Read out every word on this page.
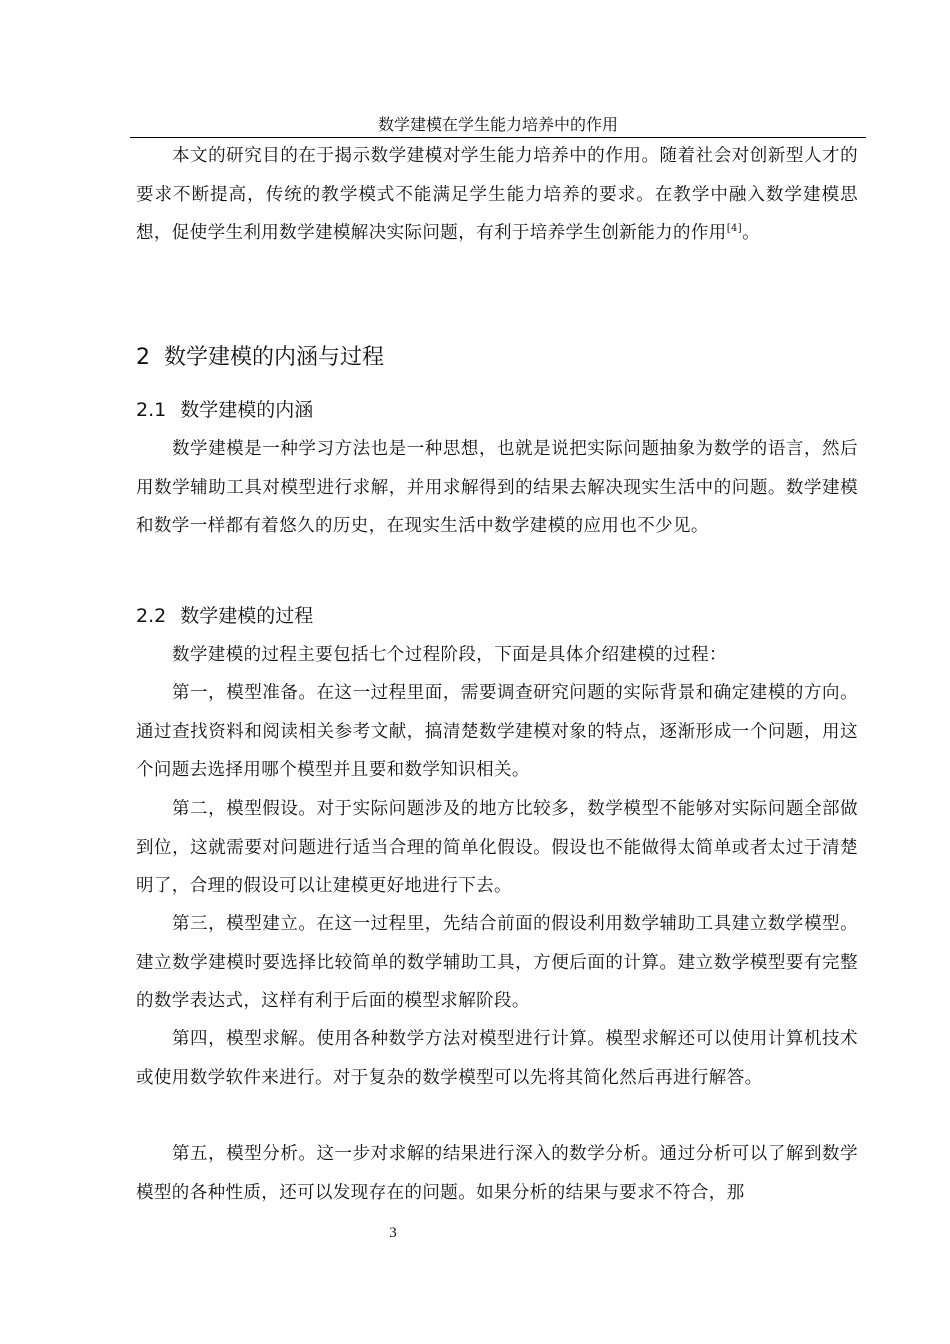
数学建模在学生能力培养中的作用
本文的研究目的在于揭示数学建模对学生能力培养中的作用。随着社会对创新型人才的要求不断提高，传统的教学模式不能满足学生能力培养的要求。在教学中融入数学建模思想，促使学生利用数学建模解决实际问题，有利于培养学生创新能力的作用[4]。
2 数学建模的内涵与过程
2.1 数学建模的内涵
数学建模是一种学习方法也是一种思想，也就是说把实际问题抽象为数学的语言，然后用数学辅助工具对模型进行求解，并用求解得到的结果去解决现实生活中的问题。数学建模和数学一样都有着悠久的历史，在现实生活中数学建模的应用也不少见。
2.2 数学建模的过程
数学建模的过程主要包括七个过程阶段，下面是具体介绍建模的过程：
第一，模型准备。在这一过程里面，需要调查研究问题的实际背景和确定建模的方向。通过查找资料和阅读相关参考文献，搞清楚数学建模对象的特点，逐渐形成一个问题，用这个问题去选择用哪个模型并且要和数学知识相关。
第二，模型假设。对于实际问题涉及的地方比较多，数学模型不能够对实际问题全部做到位，这就需要对问题进行适当合理的简单化假设。假设也不能做得太简单或者太过于清楚明了，合理的假设可以让建模更好地进行下去。
第三，模型建立。在这一过程里，先结合前面的假设利用数学辅助工具建立数学模型。建立数学建模时要选择比较简单的数学辅助工具，方便后面的计算。建立数学模型要有完整的数学表达式，这样有利于后面的模型求解阶段。
第四，模型求解。使用各种数学方法对模型进行计算。模型求解还可以使用计算机技术或使用数学软件来进行。对于复杂的数学模型可以先将其简化然后再进行解答。
第五，模型分析。这一步对求解的结果进行深入的数学分析。通过分析可以了解到数学模型的各种性质，还可以发现存在的问题。如果分析的结果与要求不符合，那
3
